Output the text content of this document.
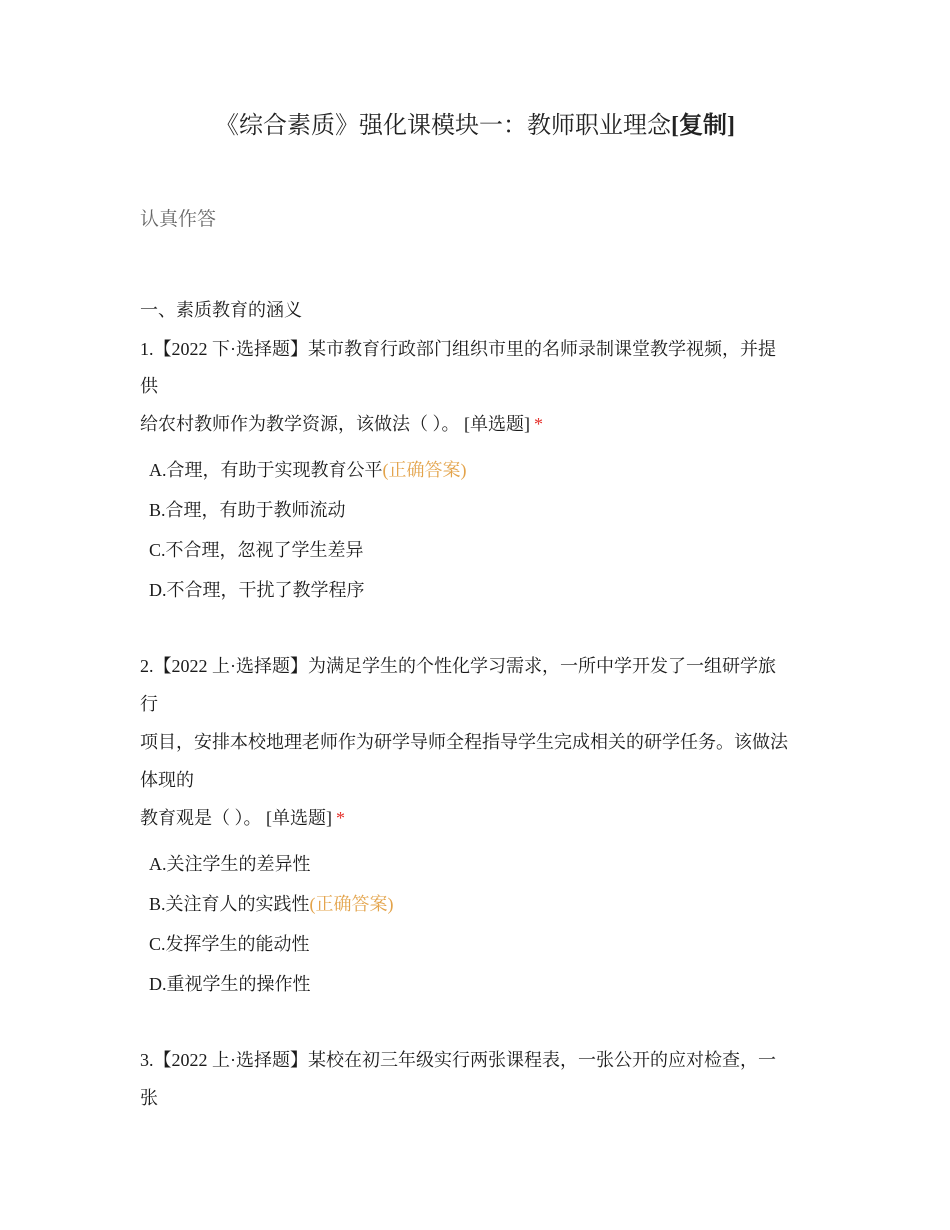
《综合素质》强化课模块一：教师职业理念[复制]
认真作答
一、素质教育的涵义
1.【2022 下·选择题】某市教育行政部门组织市里的名师录制课堂教学视频，并提
供
给农村教师作为教学资源，该做法（ ）。 [单选题] *
A.合理，有助于实现教育公平(正确答案)
B.合理，有助于教师流动
C.不合理，忽视了学生差异
D.不合理，干扰了教学程序
2.【2022 上·选择题】为满足学生的个性化学习需求，一所中学开发了一组研学旅
行
项目，安排本校地理老师作为研学导师全程指导学生完成相关的研学任务。该做法
体现的
教育观是（ ）。 [单选题] *
A.关注学生的差异性
B.关注育人的实践性(正确答案)
C.发挥学生的能动性
D.重视学生的操作性
3.【2022 上·选择题】某校在初三年级实行两张课程表，一张公开的应对检查，一
张
